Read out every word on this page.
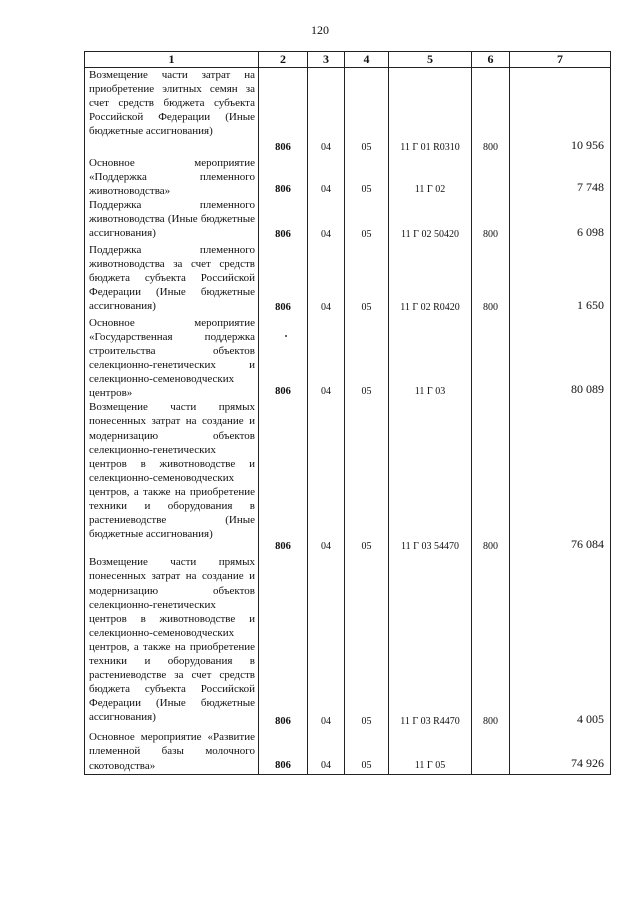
120
1	2	3	4	5	6	7
Возмещение части затрат на приобретение элитных семян за счет средств бюджета субъекта Российской Федерации (Иные бюджетные ассигнования)	806	04	05	11 Г 01 R0310	800	10 956
Основное мероприятие «Поддержка племенного животноводства»	806	04	05	11 Г 02		7 748
Поддержка племенного животноводства (Иные бюджетные ассигнования)	806	04	05	11 Г 02 50420	800	6 098
Поддержка племенного животноводства за счет средств бюджета субъекта Российской Федерации (Иные бюджетные ассигнования)	806	04	05	11 Г 02 R0420	800	1 650
Основное мероприятие «Государственная поддержка строительства объектов селекционно-генетических и селекционно-семеноводческих центров»	806	04	05	11 Г 03		80 089
Возмещение части прямых понесенных затрат на создание и модернизацию объектов селекционно-генетических центров в животноводстве и селекционно-семеноводческих центров, а также на приобретение техники и оборудования в растениеводстве (Иные бюджетные ассигнования)	806	04	05	11 Г 03 54470	800	76 084
Возмещение части прямых понесенных затрат на создание и модернизацию объектов селекционно-генетических центров в животноводстве и селекционно-семеноводческих центров, а также на приобретение техники и оборудования в растениеводстве за счет средств бюджета субъекта Российской Федерации (Иные бюджетные ассигнования)	806	04	05	11 Г 03 R4470	800	4 005
Основное мероприятие «Развитие племенной базы молочного скотоводства»	806	04	05	11 Г 05		74 926
